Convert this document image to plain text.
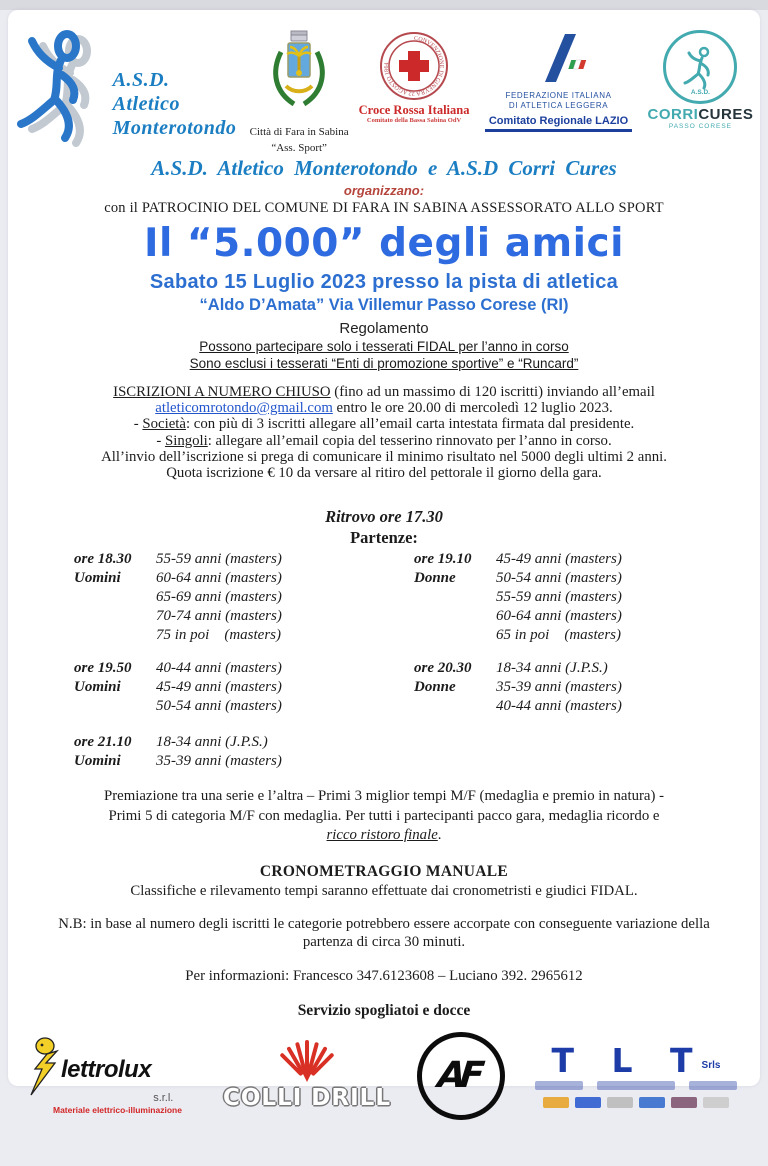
A.S.D. Atletico
Monterotondo Città di Fara in Sabina
“Ass. Sport”
CONVENZIONE DI GINEVRA 22 AGOSTO 1864
Croce Rossa Italiana
Comitato della Bassa Sabina OdV
FEDERAZIONE ITALIANA
DI ATLETICA LEGGERA
Comitato Regionale LAZIO
A.S.D.
CORRICURES
PASSO CORESE
A.S.D. Atletico Monterotondo e A.S.D Corri Cures
organizzano:
con il PATROCINIO DEL COMUNE DI FARA IN SABINA ASSESSORATO ALLO SPORT
Il “5.000” degli amici
Sabato 15 Luglio 2023 presso la pista di atletica
“Aldo D’Amata” Via Villemur Passo Corese (RI)
Regolamento
Possono partecipare solo i tesserati FIDAL per l’anno in corso
Sono esclusi i tesserati “Enti di promozione sportive” e “Runcard”
ISCRIZIONI A NUMERO CHIUSO (fino ad un massimo di 120 iscritti) inviando all’email
atleticomrotondo@gmail.com entro le ore 20.00 di mercoledì 12 luglio 2023.
- Società: con più di 3 iscritti allegare all’email carta intestata firmata dal presidente.
- Singoli: allegare all’email copia del tesserino rinnovato per l’anno in corso.
All’invio dell’iscrizione si prega di comunicare il minimo risultato nel 5000 degli ultimi 2 anni.
Quota iscrizione € 10 da versare al ritiro del pettorale il giorno della gara.
Ritrovo ore 17.30
Partenze:
ore 18.30	55-59 anni (masters)
Uomini	60-64 anni (masters)
65-69 anni (masters)
70-74 anni (masters)
75 in poi    (masters)
ore 19.10	45-49 anni (masters)
Donne	50-54 anni (masters)
55-59 anni (masters)
60-64 anni (masters)
65 in poi    (masters)
ore 19.50	40-44 anni (masters)
Uomini	45-49 anni (masters)
50-54 anni (masters)
ore 20.30	18-34 anni (J.P.S.)
Donne	35-39 anni (masters)
40-44 anni (masters)
ore 21.10	18-34 anni (J.P.S.)
Uomini	35-39 anni (masters)
Premiazione tra una serie e l’altra – Primi 3 miglior tempi M/F (medaglia e premio in natura) -
Primi 5 di categoria M/F con medaglia. Per tutti i partecipanti pacco gara, medaglia ricordo e
ricco ristoro finale.
CRONOMETRAGGIO MANUALE
Classifiche e rilevamento tempi saranno effettuate dai cronometristi e giudici FIDAL.
N.B: in base al numero degli iscritti le categorie potrebbero essere accorpate con conseguente variazione della
partenza di circa 30 minuti.
Per informazioni: Francesco 347.6123608 – Luciano 392. 2965612
Servizio spogliatoi e docce
lettrolux
s.r.l.
Materiale elettrico-illuminazione	COLLI DRILL
AF T L T
Srls
